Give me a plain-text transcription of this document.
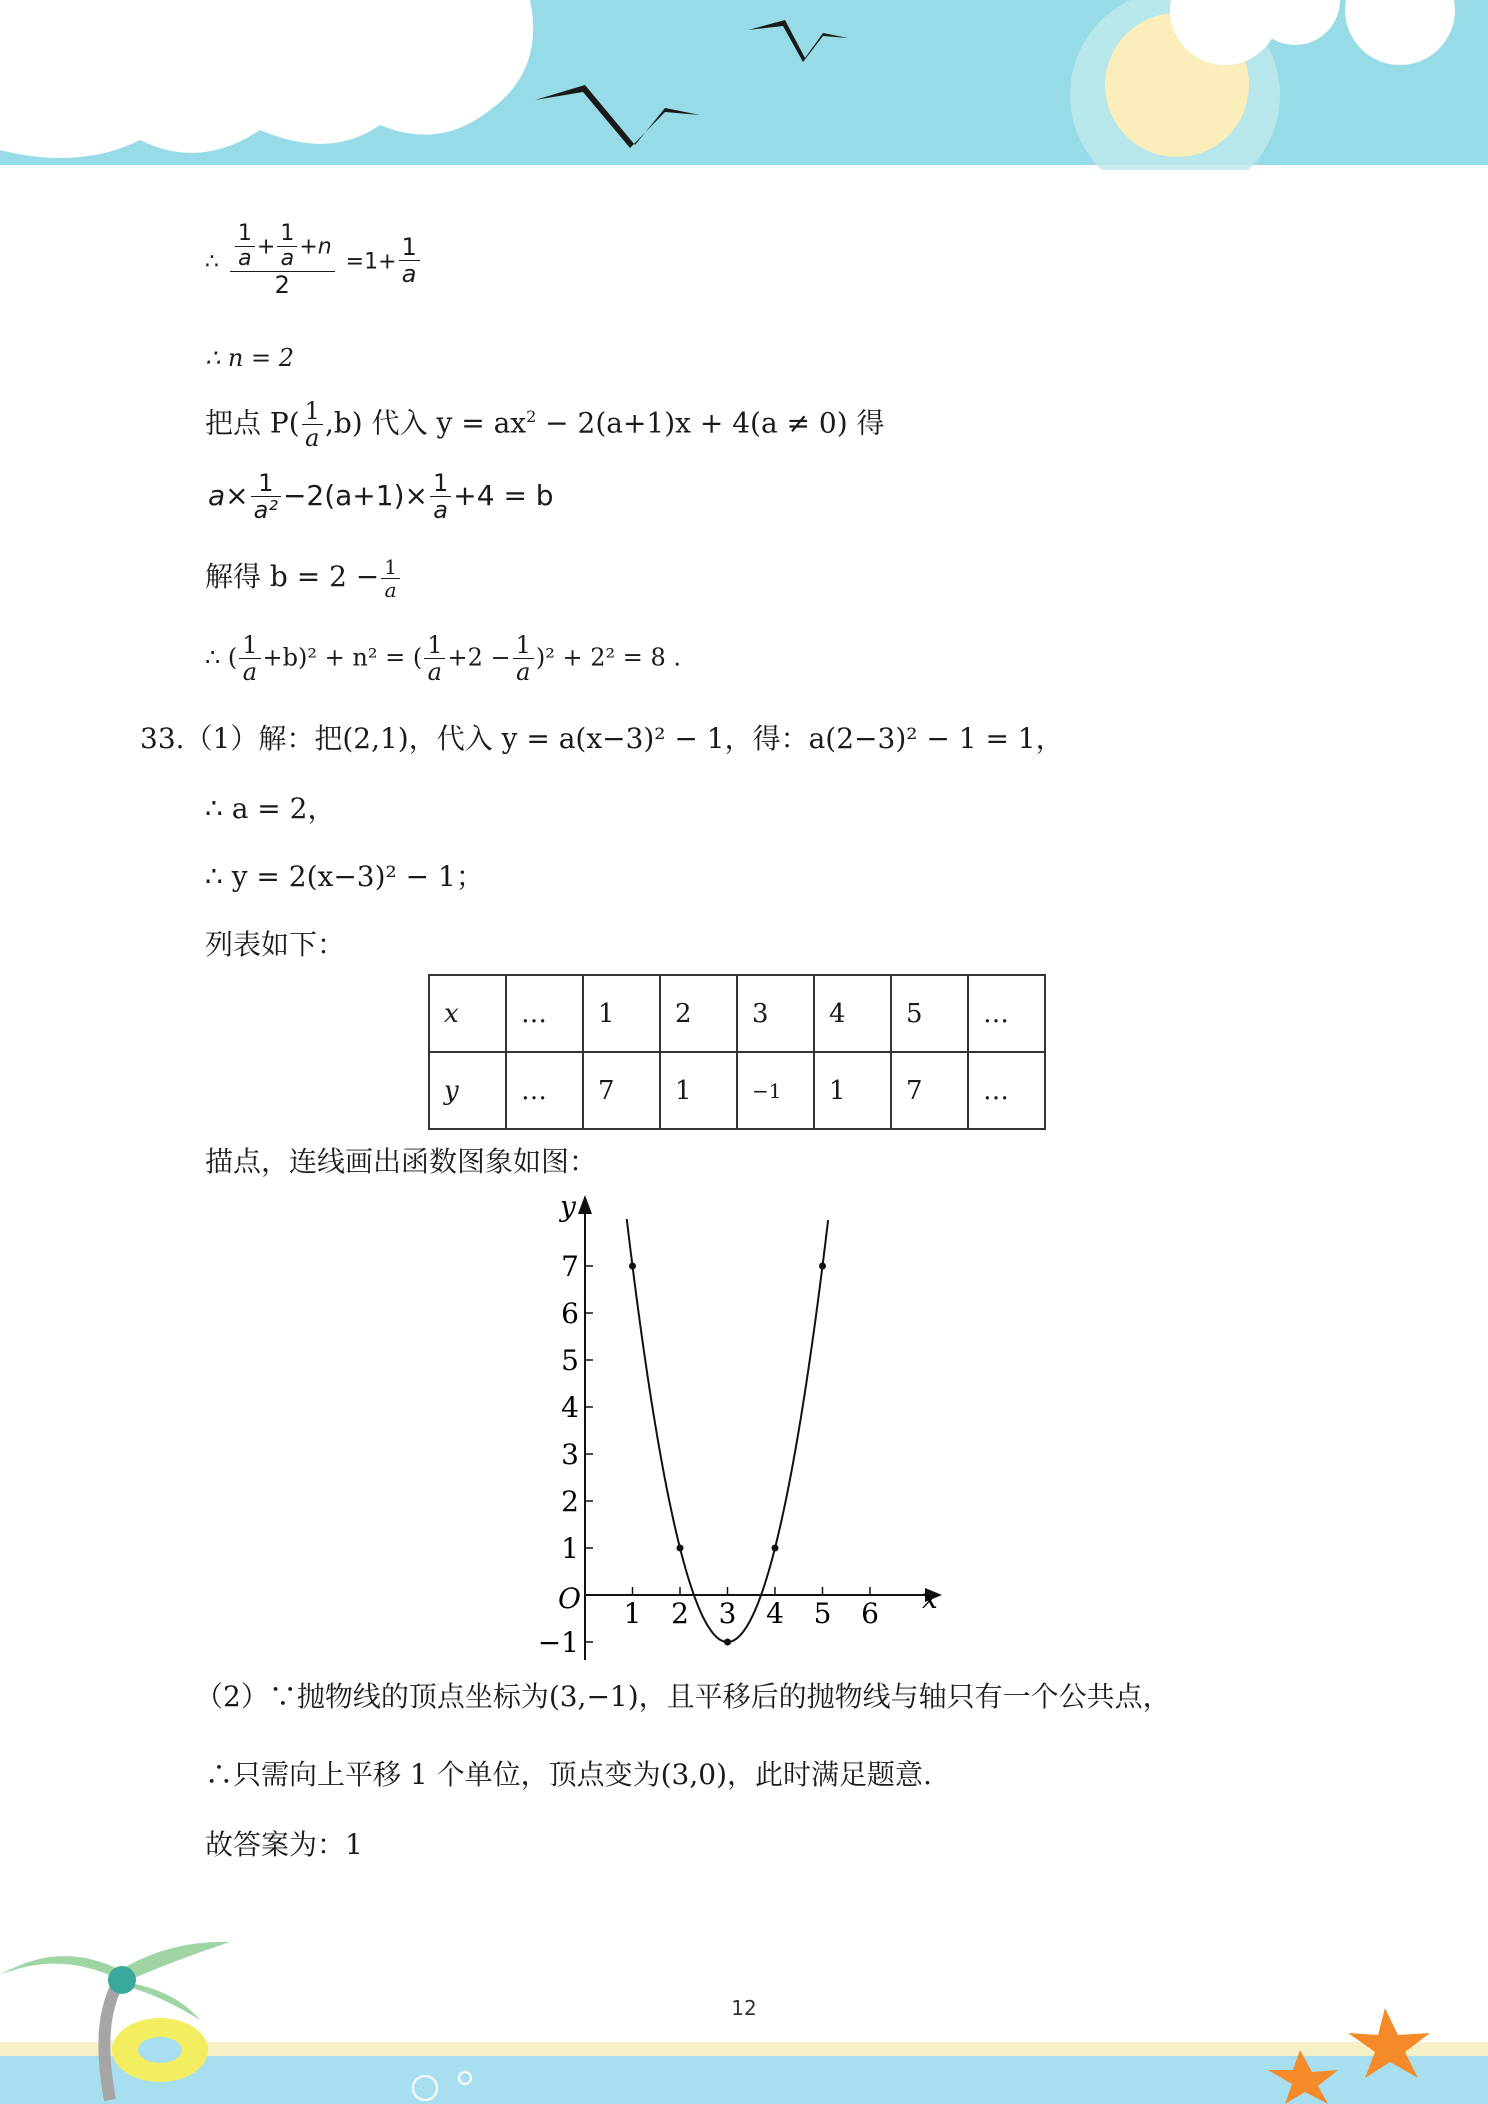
∴ $\frac{\frac{1}{a} + \frac{1}{a} +n}{2} =1+ \frac{1}{a}$
∴ n = 2
把点 $P( \frac{1}{a} ,b)$ 代入 $y = ax^2 - 2(a+1)x + 4(a \ne 0)$ 得
$a\times \frac{1}{\text{a²}} -2(a+1)\times \frac{1}{a} +4 = b$
解得 $b = 2 - \frac{1}{a}$
∴ ( $\frac{1}{a} +b)^2 + n^2$ = ( $\frac{1}{a} +2 - \frac{1}{a} )^2 + 2^2 = 8$ .
33.（1）解：把(2,1)，代入 y = a(x−3)² − 1，得：a(2−3)² − 1 = 1，
∴ a = 2，
∴ y = 2(x−3)² − 1；
列表如下：
x	…	1	2	3	4	5	…
y	…	7	1	−1	1	7	…
描点，连线画出函数图象如图：
x
y
O 1 2 3 4 5 6
7
6
5
4
3
2
1
−1
（2）∵抛物线的顶点坐标为(3,−1)，且平移后的抛物线与轴只有一个公共点，
∴只需向上平移 1 个单位，顶点变为(3,0)，此时满足题意.
故答案为：1
12
